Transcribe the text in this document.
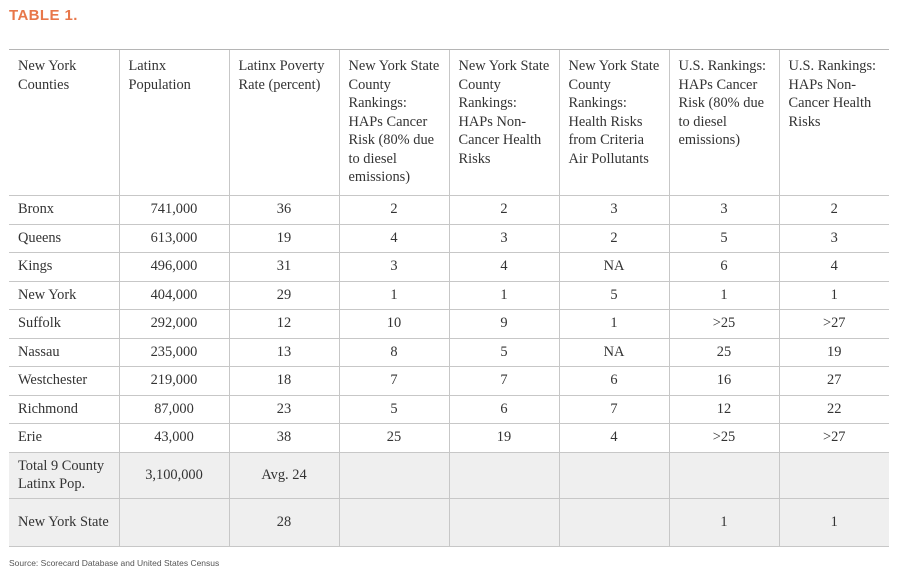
TABLE 1.
New York Counties	Latinx Population	Latinx Poverty Rate (percent)	New York State County Rankings: HAPs Cancer Risk (80% due to diesel emissions)	New York State County Rankings: HAPs Non-Cancer Health Risks	New York State County Rankings: Health Risks from Criteria Air Pollutants	U.S. Rankings: HAPs Cancer Risk (80% due to diesel emissions)	U.S. Rankings: HAPs Non-Cancer Health Risks
Bronx	741,000	36	2	2	3	3	2
Queens	613,000	19	4	3	2	5	3
Kings	496,000	31	3	4	NA	6	4
New York	404,000	29	1	1	5	1	1
Suffolk	292,000	12	10	9	1	>25	>27
Nassau	235,000	13	8	5	NA	25	19
Westchester	219,000	18	7	7	6	16	27
Richmond	87,000	23	5	6	7	12	22
Erie	43,000	38	25	19	4	>25	>27
Total 9 County Latinx Pop.	3,100,000	Avg. 24					
New York State		28				1	1
Source: Scorecard Database and United States Census
